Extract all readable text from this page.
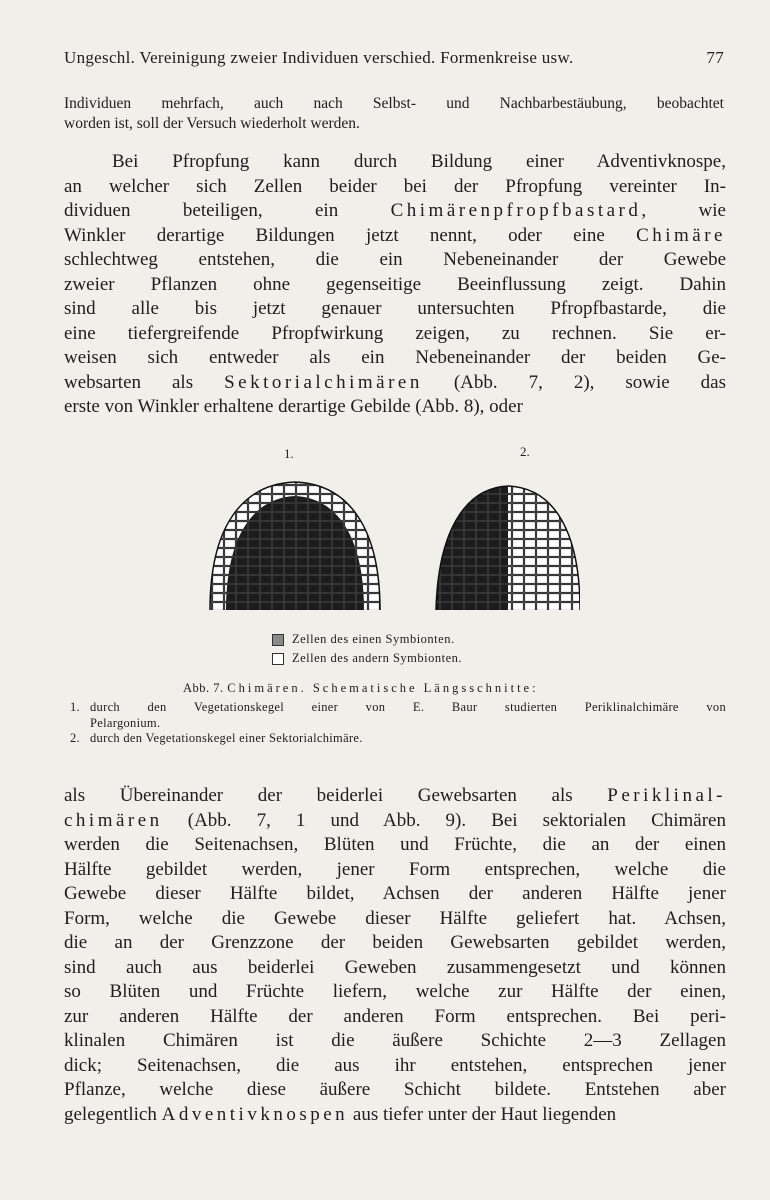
Ungeschl. Vereinigung zweier Individuen verschied. Formenkreise usw.	77
Individuen mehrfach, auch nach Selbst- und Nachbarbestäubung, beobachtet
worden ist, soll der Versuch wiederholt werden.
Bei Pfropfung kann durch Bildung einer Adventivknospe,
an welcher sich Zellen beider bei der Pfropfung vereinter In-
dividuen beteiligen, ein Chimärenpfropfbastard, wie
Winkler derartige Bildungen jetzt nennt, oder eine Chimäre
schlechtweg entstehen, die ein Nebeneinander der Gewebe
zweier Pflanzen ohne gegenseitige Beeinflussung zeigt. Dahin
sind alle bis jetzt genauer untersuchten Pfropfbastarde, die
eine tiefergreifende Pfropfwirkung zeigen, zu rechnen. Sie er-
weisen sich entweder als ein Nebeneinander der beiden Ge-
websarten als Sektorialchimären (Abb. 7, 2), sowie das
erste von Winkler erhaltene derartige Gebilde (Abb. 8), oder
1.	2.
Zellen des einen Symbionten.
Zellen des andern Symbionten.
Abb. 7. Chimären. Schematische Längsschnitte:
1. durch den Vegetationskegel einer von E. Baur studierten Periklinalchimäre von
Pelargonium.
2. durch den Vegetationskegel einer Sektorialchimäre.
als Übereinander der beiderlei Gewebsarten als Periklinal-
chimären (Abb. 7, 1 und Abb. 9). Bei sektorialen Chimären
werden die Seitenachsen, Blüten und Früchte, die an der einen
Hälfte gebildet werden, jener Form entsprechen, welche die
Gewebe dieser Hälfte bildet, Achsen der anderen Hälfte jener
Form, welche die Gewebe dieser Hälfte geliefert hat. Achsen,
die an der Grenzzone der beiden Gewebsarten gebildet werden,
sind auch aus beiderlei Geweben zusammengesetzt und können
so Blüten und Früchte liefern, welche zur Hälfte der einen,
zur anderen Hälfte der anderen Form entsprechen. Bei peri-
klinalen Chimären ist die äußere Schichte 2—3 Zellagen
dick; Seitenachsen, die aus ihr entstehen, entsprechen jener
Pflanze, welche diese äußere Schicht bildete. Entstehen aber
gelegentlich Adventivknospen aus tiefer unter der Haut liegenden
